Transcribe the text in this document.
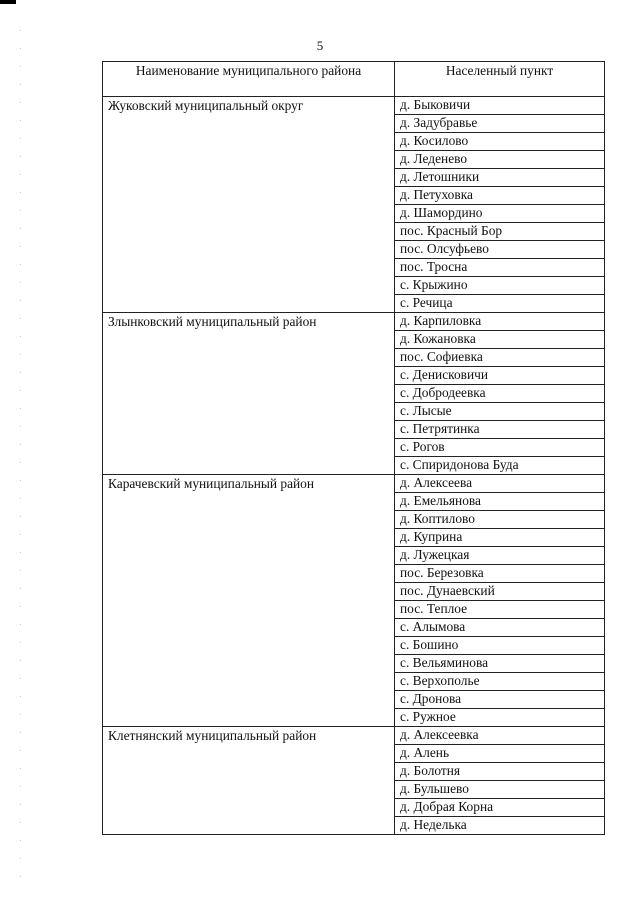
5
Наименование муниципального района	Населенный пункт
Жуковский муниципальный округ	д. Быковичи
	д. Задубравье
	д. Косилово
	д. Леденево
	д. Летошники
	д. Петуховка
	д. Шамордино
	пос. Красный Бор
	пос. Олсуфьево
	пос. Тросна
	с. Крыжино
	с. Речица
Злынковский муниципальный район	д. Карпиловка
	д. Кожановка
	пос. Софиевка
	с. Денисковичи
	с. Добродеевка
	с. Лысые
	с. Петрятинка
	с. Рогов
	с. Спиридонова Буда
Карачевский муниципальный район	д. Алексеева
	д. Емельянова
	д. Коптилово
	д. Куприна
	д. Лужецкая
	пос. Березовка
	пос. Дунаевский
	пос. Теплое
	с. Алымова
	с. Бошино
	с. Вельяминова
	с. Верхополье
	с. Дронова
	с. Ружное
Клетнянский муниципальный район	д. Алексеевка
	д. Алень
	д. Болотня
	д. Бульшево
	д. Добрая Корна
	д. Неделька
